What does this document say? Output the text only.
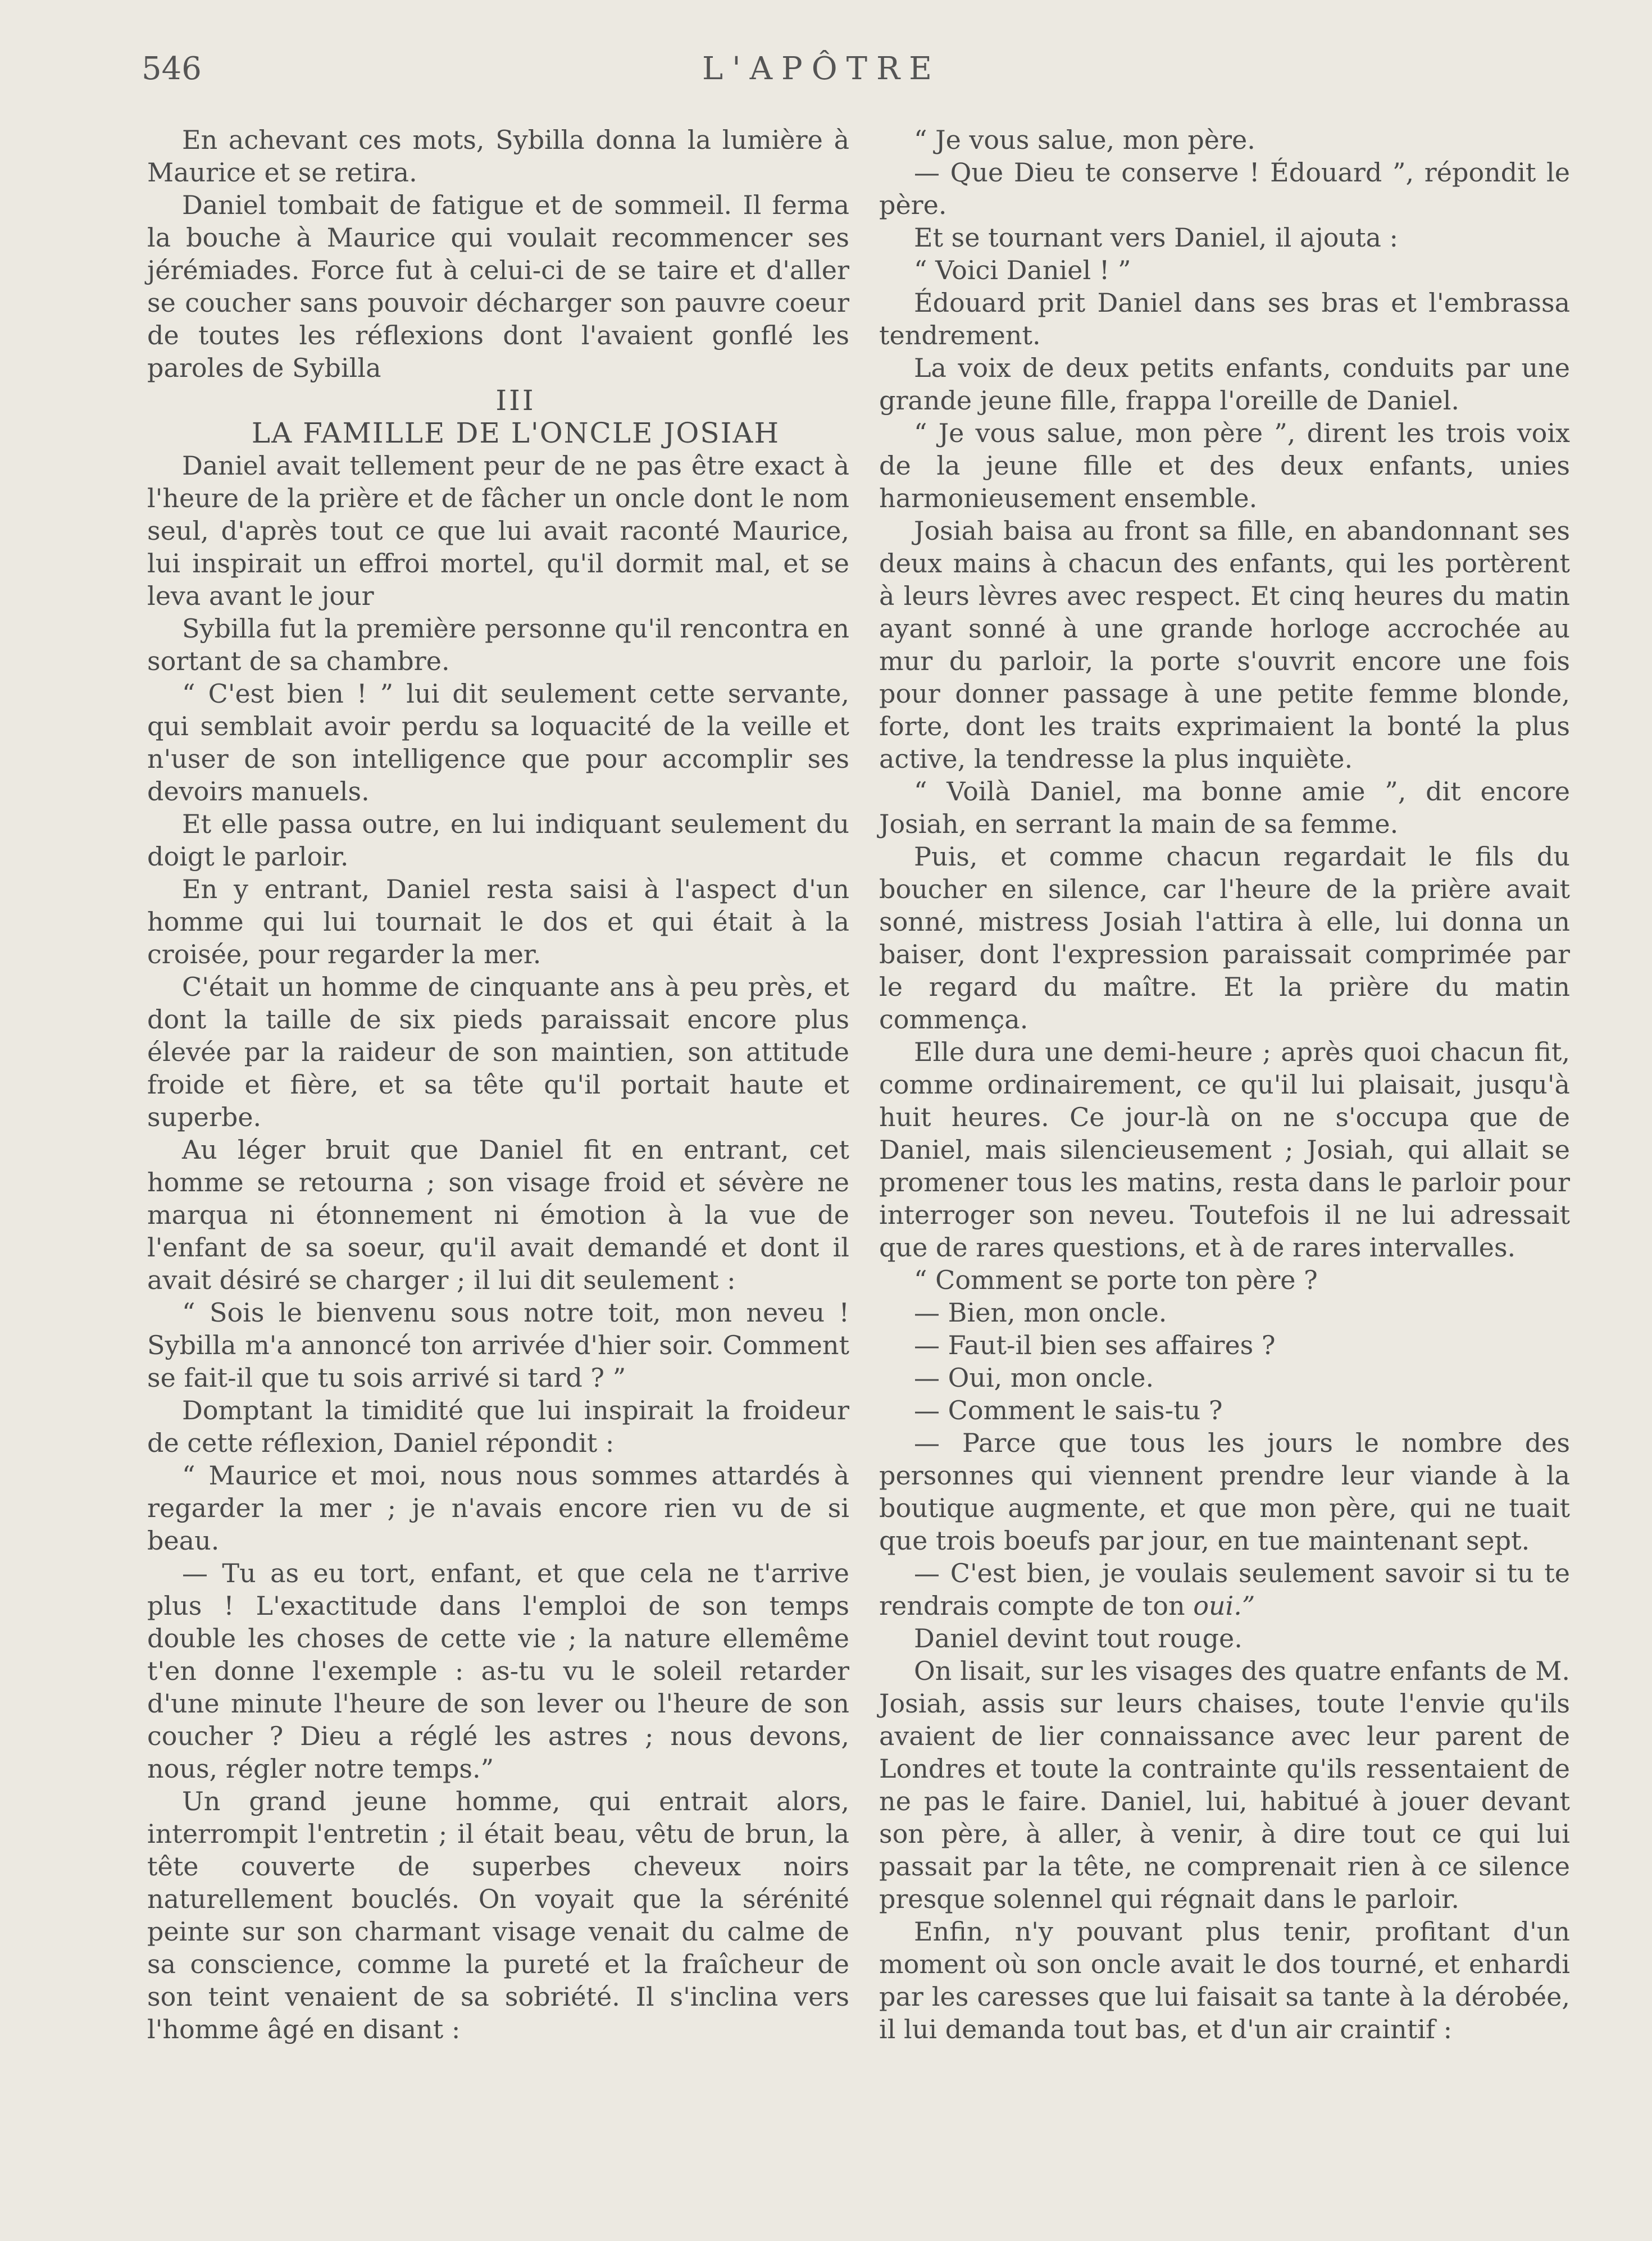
546	L'APÔTRE

En achevant ces mots, Sybilla donna la lumière à Maurice et se retira.

Daniel tombait de fatigue et de sommeil. Il ferma la bouche à Maurice qui voulait recommencer ses jérémiades. Force fut à celui-ci de se taire et d'aller se coucher sans pouvoir décharger son pauvre coeur de toutes les réflexions dont l'avaient gonflé les paroles de Sybilla

III

LA FAMILLE DE L'ONCLE JOSIAH

Daniel avait tellement peur de ne pas être exact à l'heure de la prière et de fâcher un oncle dont le nom seul, d'après tout ce que lui avait raconté Maurice, lui inspirait un effroi mortel, qu'il dormit mal, et se leva avant le jour

Sybilla fut la première personne qu'il rencontra en sortant de sa chambre.

“ C'est bien ! ” lui dit seulement cette servante, qui semblait avoir perdu sa loquacité de la veille et n'user de son intelligence que pour accomplir ses devoirs manuels.

Et elle passa outre, en lui indiquant seulement du doigt le parloir.

En y entrant, Daniel resta saisi à l'aspect d'un homme qui lui tournait le dos et qui était à la croisée, pour regarder la mer.

C'était un homme de cinquante ans à peu près, et dont la taille de six pieds paraissait encore plus élevée par la raideur de son maintien, son attitude froide et fière, et sa tête qu'il portait haute et superbe.

Au léger bruit que Daniel fit en entrant, cet homme se retourna ; son visage froid et sévère ne marqua ni étonnement ni émotion à la vue de l'enfant de sa soeur, qu'il avait demandé et dont il avait désiré se charger ; il lui dit seulement :

“ Sois le bienvenu sous notre toit, mon neveu ! Sybilla m'a annoncé ton arrivée d'hier soir. Comment se fait-il que tu sois arrivé si tard ? ”

Domptant la timidité que lui inspirait la froideur de cette réflexion, Daniel répondit :

“ Maurice et moi, nous nous sommes attardés à regarder la mer ; je n'avais encore rien vu de si beau.

— Tu as eu tort, enfant, et que cela ne t'arrive plus ! L'exactitude dans l'emploi de son temps double les choses de cette vie ; la nature ellemême t'en donne l'exemple : as-tu vu le soleil retarder d'une minute l'heure de son lever ou l'heure de son coucher ? Dieu a réglé les astres ; nous devons, nous, régler notre temps.”

Un grand jeune homme, qui entrait alors, interrompit l'entretin ; il était beau, vêtu de brun, la tête couverte de superbes cheveux noirs naturellement bouclés. On voyait que la sérénité peinte sur son charmant visage venait du calme de sa conscience, comme la pureté et la fraîcheur de son teint venaient de sa sobriété. Il s'inclina vers l'homme âgé en disant :

“ Je vous salue, mon père.

— Que Dieu te conserve ! Édouard ”, répondit le père.

Et se tournant vers Daniel, il ajouta :

“ Voici Daniel ! ”

Édouard prit Daniel dans ses bras et l'embrassa tendrement.

La voix de deux petits enfants, conduits par une grande jeune fille, frappa l'oreille de Daniel.

“ Je vous salue, mon père ”, dirent les trois voix de la jeune fille et des deux enfants, unies harmonieusement ensemble.

Josiah baisa au front sa fille, en abandonnant ses deux mains à chacun des enfants, qui les portèrent à leurs lèvres avec respect. Et cinq heures du matin ayant sonné à une grande horloge accrochée au mur du parloir, la porte s'ouvrit encore une fois pour donner passage à une petite femme blonde, forte, dont les traits exprimaient la bonté la plus active, la tendresse la plus inquiète.

“ Voilà Daniel, ma bonne amie ”, dit encore Josiah, en serrant la main de sa femme.

Puis, et comme chacun regardait le fils du boucher en silence, car l'heure de la prière avait sonné, mistress Josiah l'attira à elle, lui donna un baiser, dont l'expression paraissait comprimée par le regard du maître. Et la prière du matin commença.

Elle dura une demi-heure ; après quoi chacun fit, comme ordinairement, ce qu'il lui plaisait, jusqu'à huit heures. Ce jour-là on ne s'occupa que de Daniel, mais silencieusement ; Josiah, qui allait se promener tous les matins, resta dans le parloir pour interroger son neveu. Toutefois il ne lui adressait que de rares questions, et à de rares intervalles.

“ Comment se porte ton père ?

— Bien, mon oncle.

— Faut-il bien ses affaires ?

— Oui, mon oncle.

— Comment le sais-tu ?

— Parce que tous les jours le nombre des personnes qui viennent prendre leur viande à la boutique augmente, et que mon père, qui ne tuait que trois boeufs par jour, en tue maintenant sept.

— C'est bien, je voulais seulement savoir si tu te rendrais compte de ton oui.”

Daniel devint tout rouge.

On lisait, sur les visages des quatre enfants de M. Josiah, assis sur leurs chaises, toute l'envie qu'ils avaient de lier connaissance avec leur parent de Londres et toute la contrainte qu'ils ressentaient de ne pas le faire. Daniel, lui, habitué à jouer devant son père, à aller, à venir, à dire tout ce qui lui passait par la tête, ne comprenait rien à ce silence presque solennel qui régnait dans le parloir.

Enfin, n'y pouvant plus tenir, profitant d'un moment où son oncle avait le dos tourné, et enhardi par les caresses que lui faisait sa tante à la dérobée, il lui demanda tout bas, et d'un air craintif :
